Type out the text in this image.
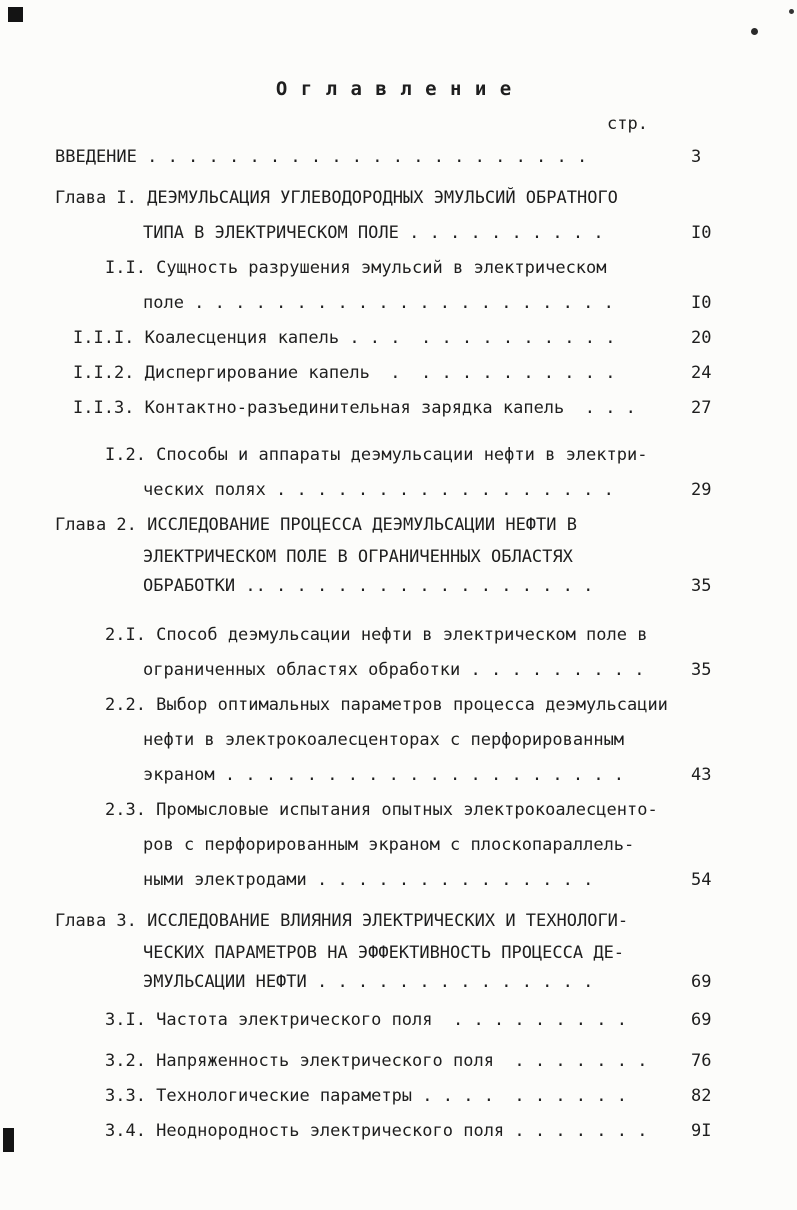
О г л а в л е н и е
стр.
ВВЕДЕНИЕ . . . . . . . . . . . . . . . . . . . . . .	3
Глава I. ДЕЭМУЛЬСАЦИЯ УГЛЕВОДОРОДНЫХ ЭМУЛЬСИЙ ОБРАТНОГО
ТИПА В ЭЛЕКТРИЧЕСКОМ ПОЛЕ . . . . . . . . . .	I0
I.I. Сущность разрушения эмульсий в электрическом
поле . . . . . . . . . . . . . . . . . . . . .	I0
I.I.I. Коалесценция капель . . .  . . . . . . . . . .	20
I.I.2. Диспергирование капель  .  . . . . . . . . . .	24
I.I.3. Контактно-разъединительная зарядка капель  . . .	27
I.2. Способы и аппараты деэмульсации нефти в электри-
ческих полях . . . . . . . . . . . . . . . . .	29
Глава 2. ИССЛЕДОВАНИЕ ПРОЦЕССА ДЕЭМУЛЬСАЦИИ НЕФТИ В
ЭЛЕКТРИЧЕСКОМ ПОЛЕ В ОГРАНИЧЕННЫХ ОБЛАСТЯХ
ОБРАБОТКИ .. . . . . . . . . . . . . . . . .	35
2.I. Способ деэмульсации нефти в электрическом поле в
ограниченных областях обработки . . . . . . . . .	35
2.2. Выбор оптимальных параметров процесса деэмульсации
нефти в электрокоалесценторах с перфорированным
экраном . . . . . . . . . . . . . . . . . . . .	43
2.3. Промысловые испытания опытных электрокоалесценто-
ров с перфорированным экраном с плоскопараллель-
ными электродами . . . . . . . . . . . . . .	54
Глава 3. ИССЛЕДОВАНИЕ ВЛИЯНИЯ ЭЛЕКТРИЧЕСКИХ И ТЕХНОЛОГИ-
ЧЕСКИХ ПАРАМЕТРОВ НА ЭФФЕКТИВНОСТЬ ПРОЦЕССА ДЕ-
ЭМУЛЬСАЦИИ НЕФТИ . . . . . . . . . . . . . .	69
3.I. Частота электрического поля  . . . . . . . . .	69
3.2. Напряженность электрического поля  . . . . . . .	76
3.3. Технологические параметры . . . .  . . . . . .	82
3.4. Неоднородность электрического поля . . . . . . .	9I
